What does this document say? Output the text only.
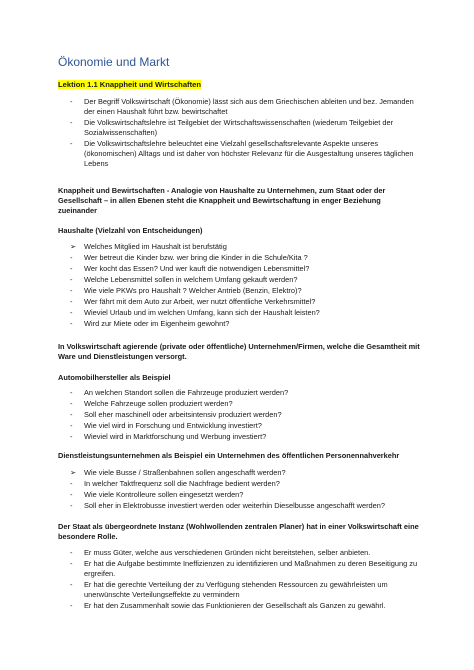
Ökonomie und Markt
Lektion 1.1 Knappheit und Wirtschaften
-	Der Begriff Volkswirtschaft (Ökonomie) lässt sich aus dem Griechischen ableiten und bez. Jemanden der einen Haushalt führt bzw. bewirtschaftet
-	Die Volkswirtschaftslehre ist Teilgebiet der Wirtschaftswissenschaften (wiederum Teilgebiet der Sozialwissenschaften)
-	Die Volkswirtschaftslehre beleuchtet eine Vielzahl gesellschaftsrelevante Aspekte unseres (ökonomischen) Alltags und ist daher von höchster Relevanz für die Ausgestaltung unseres täglichen Lebens
Knappheit und Bewirtschaften - Analogie von Haushalte zu Unternehmen, zum Staat oder der Gesellschaft – in allen Ebenen steht die Knappheit und Bewirtschaftung in enger Beziehung zueinander
Haushalte (Vielzahl von Entscheidungen)
➢ Welches Mitglied im Haushalt ist berufstätig
-	Wer betreut die Kinder bzw. wer bring die Kinder in die Schule/Kita ?
-	Wer kocht das Essen? Und wer kauft die notwendigen Lebensmittel?
-	Welche Lebensmittel sollen in welchem Umfang gekauft werden?
-	Wie viele PKWs pro Haushalt ? Welcher Antrieb (Benzin, Elektro)?
-	Wer fährt mit dem Auto zur Arbeit, wer nutzt öffentliche Verkehrsmittel?
-	Wieviel Urlaub und im welchen Umfang, kann sich der Haushalt leisten?
-	Wird zur Miete oder im Eigenheim gewohnt?
In Volkswirtschaft agierende (private oder öffentliche) Unternehmen/Firmen, welche die Gesamtheit mit Ware und Dienstleistungen versorgt.
Automobilhersteller als Beispiel
-	An welchen Standort sollen die Fahrzeuge produziert werden?
-	Welche Fahrzeuge sollen produziert werden?
-	Soll eher maschinell oder arbeitsintensiv produziert werden?
-	Wie viel wird in Forschung und Entwicklung investiert?
-	Wieviel wird in Marktforschung und Werbung investiert?
Dienstleistungsunternehmen als Beispiel ein Unternehmen des öffentlichen Personennahverkehr
➢ Wie viele Busse / Straßenbahnen sollen angeschafft werden?
-	In welcher Taktfrequenz soll die Nachfrage bedient werden?
-	Wie viele Kontrolleure sollen eingesetzt werden?
-	Soll eher in Elektrobusse investiert werden oder weiterhin Dieselbusse angeschafft werden?
Der Staat als übergeordnete Instanz (Wohlwollenden zentralen Planer) hat in einer Volkswirtschaft eine besondere Rolle.
-	Er muss Güter, welche aus verschiedenen Gründen nicht bereitstehen, selber anbieten.
-	Er hat die Aufgabe bestimmte Ineffizienzen zu identifizieren und Maßnahmen zu deren Beseitigung zu ergreifen.
-	Er hat die gerechte Verteilung der zu Verfügung stehenden Ressourcen zu gewährleisten um unerwünschte Verteilungseffekte zu vermindern
-	Er hat den Zusammenhalt sowie das Funktionieren der Gesellschaft als Ganzen zu gewährl.
